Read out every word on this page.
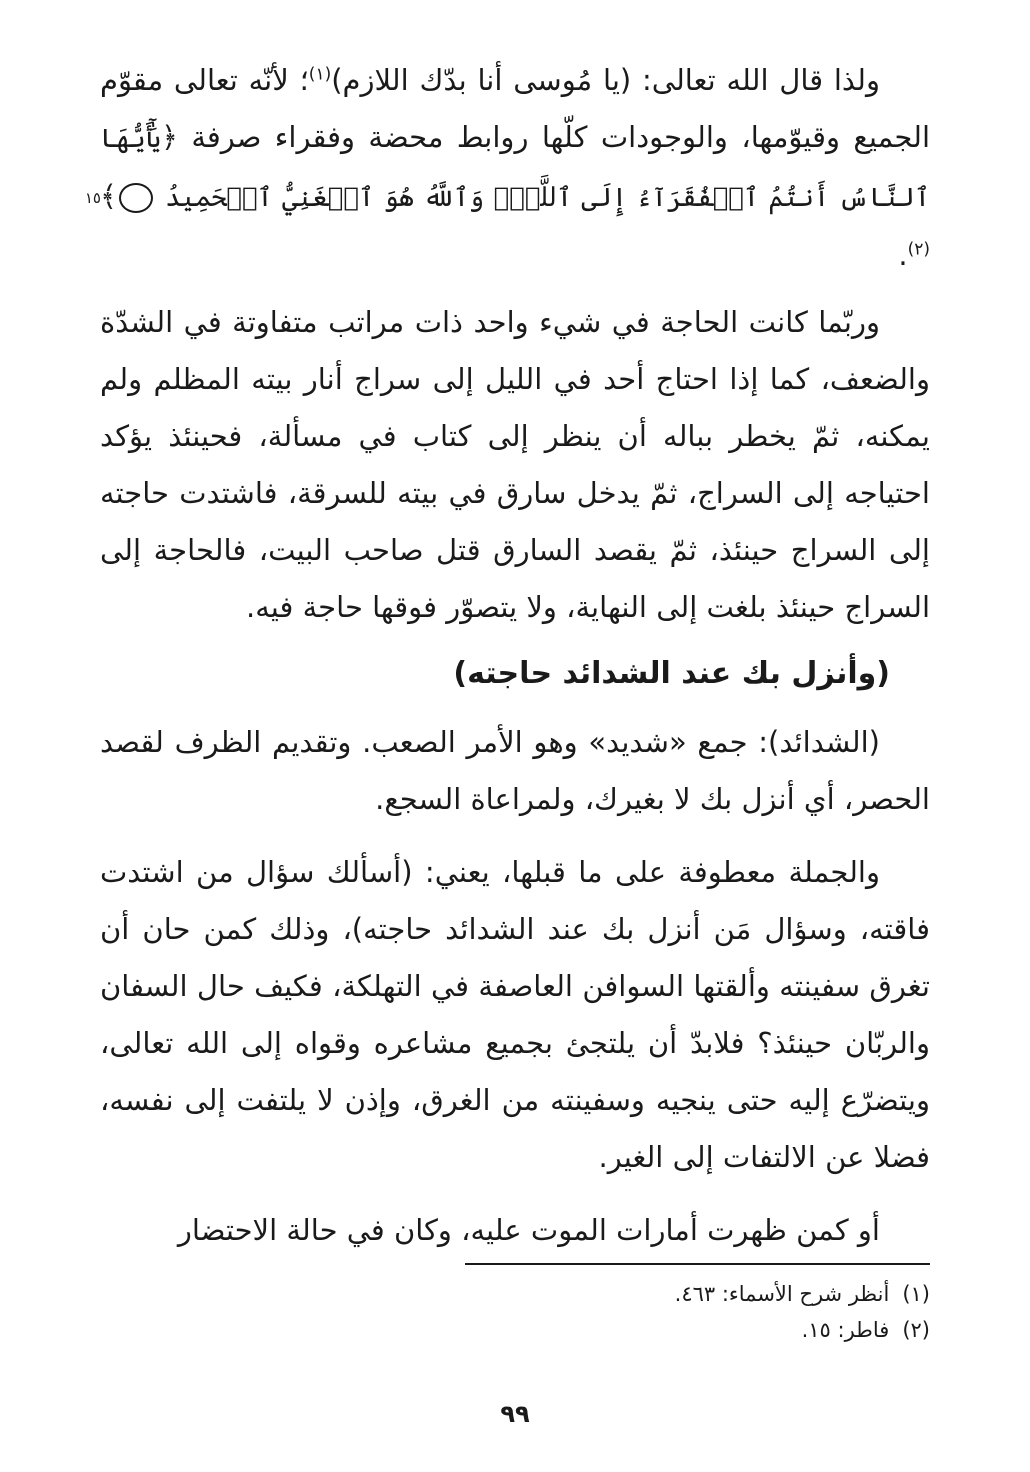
ولذا قال الله تعالى: (يا مُوسى أنا بدّك اللازم)$^{(١)}$؛ لأنّه تعالى مقوّم الجميع وقيوّمها، والوجودات كلّها روابط محضة وفقراء صرفة ﴿يَٰٓأَيُّهَا ٱلنَّاسُ أَنتُمُ ٱلۡفُقَرَآءُ إِلَى ٱللَّهِۖ وَٱللَّهُ هُوَ ٱلۡغَنِيُّ ٱلۡحَمِيدُ ١٥﴾$^{(٢)}$.

وربّما كانت الحاجة في شيء واحد ذات مراتب متفاوتة في الشدّة والضعف، كما إذا احتاج أحد في الليل إلى سراج أنار بيته المظلم ولم يمكنه، ثمّ يخطر بباله أن ينظر إلى كتاب في مسألة، فحينئذ يؤكد احتياجه إلى السراج، ثمّ يدخل سارق في بيته للسرقة، فاشتدت حاجته إلى السراج حينئذ، ثمّ يقصد السارق قتل صاحب البيت، فالحاجة إلى السراج حينئذ بلغت إلى النهاية، ولا يتصوّر فوقها حاجة فيه.

(وأنزل بك عند الشدائد حاجته)

(الشدائد): جمع «شديد» وهو الأمر الصعب. وتقديم الظرف لقصد الحصر، أي أنزل بك لا بغيرك، ولمراعاة السجع.

والجملة معطوفة على ما قبلها، يعني: (أسألك سؤال من اشتدت فاقته، وسؤال مَن أنزل بك عند الشدائد حاجته)، وذلك كمن حان أن تغرق سفينته وألقتها السوافن العاصفة في التهلكة، فكيف حال السفان والربّان حينئذ؟ فلابدّ أن يلتجئ بجميع مشاعره وقواه إلى الله تعالى، ويتضرّع إليه حتى ينجيه وسفينته من الغرق، وإذن لا يلتفت إلى نفسه، فضلا عن الالتفات إلى الغير.

أو كمن ظهرت أمارات الموت عليه، وكان في حالة الاحتضار

(١) أنظر شرح الأسماء: ٤٦٣.

(٢) فاطر: ١٥.

٩٩
